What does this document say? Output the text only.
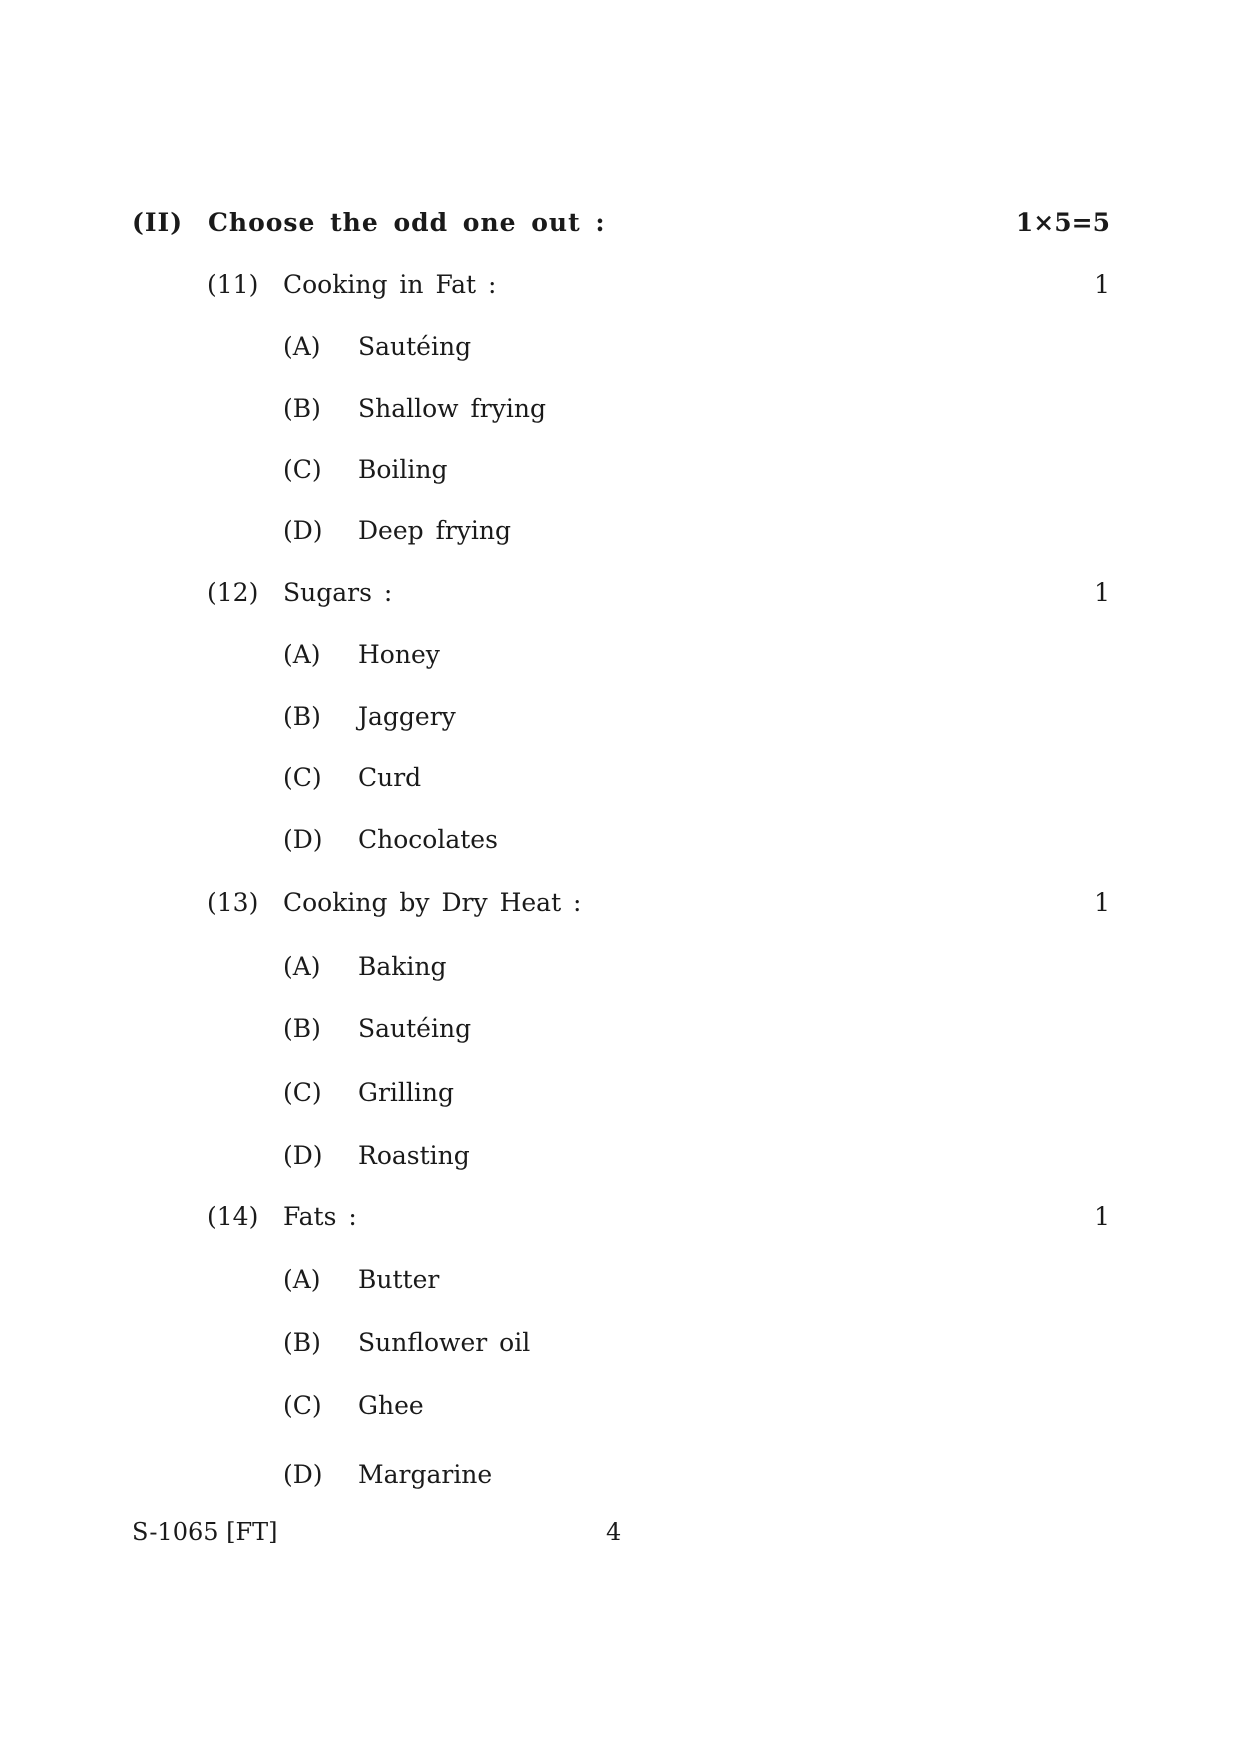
(II) Choose the odd one out :	1×5=5
(11) Cooking in Fat :	1
(A) Sautéing
(B) Shallow frying
(C) Boiling
(D) Deep frying
(12) Sugars :	1
(A) Honey
(B) Jaggery
(C) Curd
(D) Chocolates
(13) Cooking by Dry Heat :	1
(A) Baking
(B) Sautéing
(C) Grilling
(D) Roasting
(14) Fats :	1
(A) Butter
(B) Sunflower oil
(C) Ghee
(D) Margarine
S-1065 [FT]	4
